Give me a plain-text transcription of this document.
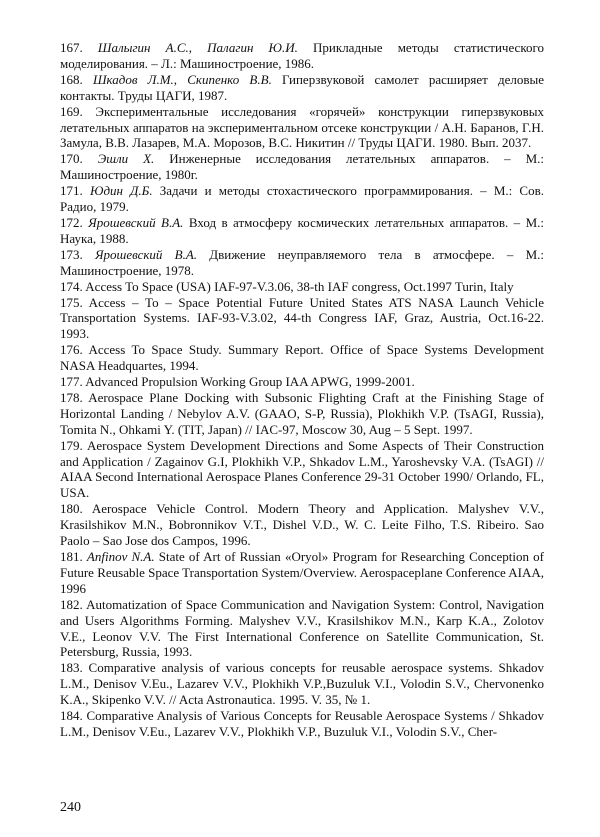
167. Шалыгин А.С., Палагин Ю.И. Прикладные методы статистического моделирования. – Л.: Машиностроение, 1986.

168. Шкадов Л.М., Скипенко В.В. Гиперзвуковой самолет расширяет деловые контакты. Труды ЦАГИ, 1987.

169. Экспериментальные исследования «горячей» конструкции гиперзвуковых летательных аппаратов на экспериментальном отсеке конструкции / А.Н. Баранов, Г.Н. Замула, В.В. Лазарев, М.А. Морозов, В.С. Никитин // Труды ЦАГИ. 1980. Вып. 2037.

170. Эшли Х. Инженерные исследования летательных аппаратов. – М.: Машиностроение, 1980г.

171. Юдин Д.Б. Задачи и методы стохастического программирования. – М.: Сов. Радио, 1979.

172. Ярошевский В.А. Вход в атмосферу космических летательных аппаратов. – М.: Наука, 1988.

173. Ярошевский В.А. Движение неуправляемого тела в атмосфере. – М.: Машиностроение, 1978.

174. Access To Space (USA) IAF-97-V.3.06, 38-th IAF congress, Oct.1997 Turin, Italy

175. Access – To – Space Potential Future United States ATS NASA Launch Vehicle Transportation Systems. IAF-93-V.3.02, 44-th Congress IAF, Graz, Austria, Oct.16-22. 1993.

176. Access To Space Study. Summary Report. Office of Space Systems Development NASA Headquartes, 1994.

177. Advanced Propulsion Working Group IAA APWG, 1999-2001.

178. Aerospace Plane Docking with Subsonic Flighting Craft at the Finishing Stage of Horizontal Landing / Nebylov A.V. (GAAO, S-P, Russia), Plokhikh V.P. (TsAGI, Russia), Tomita N., Ohkami Y. (TIT, Japan) // IAC-97, Moscow 30, Aug – 5 Sept. 1997.

179. Aerospace System Development Directions and Some Aspects of Their Construction and Application / Zagainov G.I, Plokhikh V.P., Shkadov L.M., Yaroshevsky V.A. (TsAGI) // AIAA Second International Aerospace Planes Conference 29-31 October 1990/ Orlando, FL, USA.

180. Aerospace Vehicle Control. Modern Theory and Application. Malyshev V.V., Krasilshikov M.N., Bobronnikov V.T., Dishel V.D., W. C. Leite Filho, T.S. Ribeiro. Sao Paolo – Sao Jose dos Campos, 1996.

181. Anfinov N.A. State of Art of Russian «Oryol» Program for Researching Conception of Future Reusable Space Transportation System/Overview. Aerospaceplane Conference AIAA, 1996

182. Automatization of Space Communication and Navigation System: Control, Navigation and Users Algorithms Forming. Malyshev V.V., Krasilshikov M.N., Karp K.A., Zolotov V.E., Leonov V.V. The First International Conference on Satellite Communication, St. Petersburg, Russia, 1993.

183. Comparative analysis of various concepts for reusable aerospace systems. Shkadov L.M., Denisov V.Eu., Lazarev V.V., Plokhikh V.P.,Buzuluk V.I., Volodin S.V., Chervonenko K.A., Skipenko V.V. // Acta Astronautica. 1995. V. 35, № 1.

184. Comparative Analysis of Various Concepts for Reusable Aerospace Systems / Shkadov L.M., Denisov V.Eu., Lazarev V.V., Plokhikh V.P., Buzuluk V.I., Volodin S.V., Cher-

240
